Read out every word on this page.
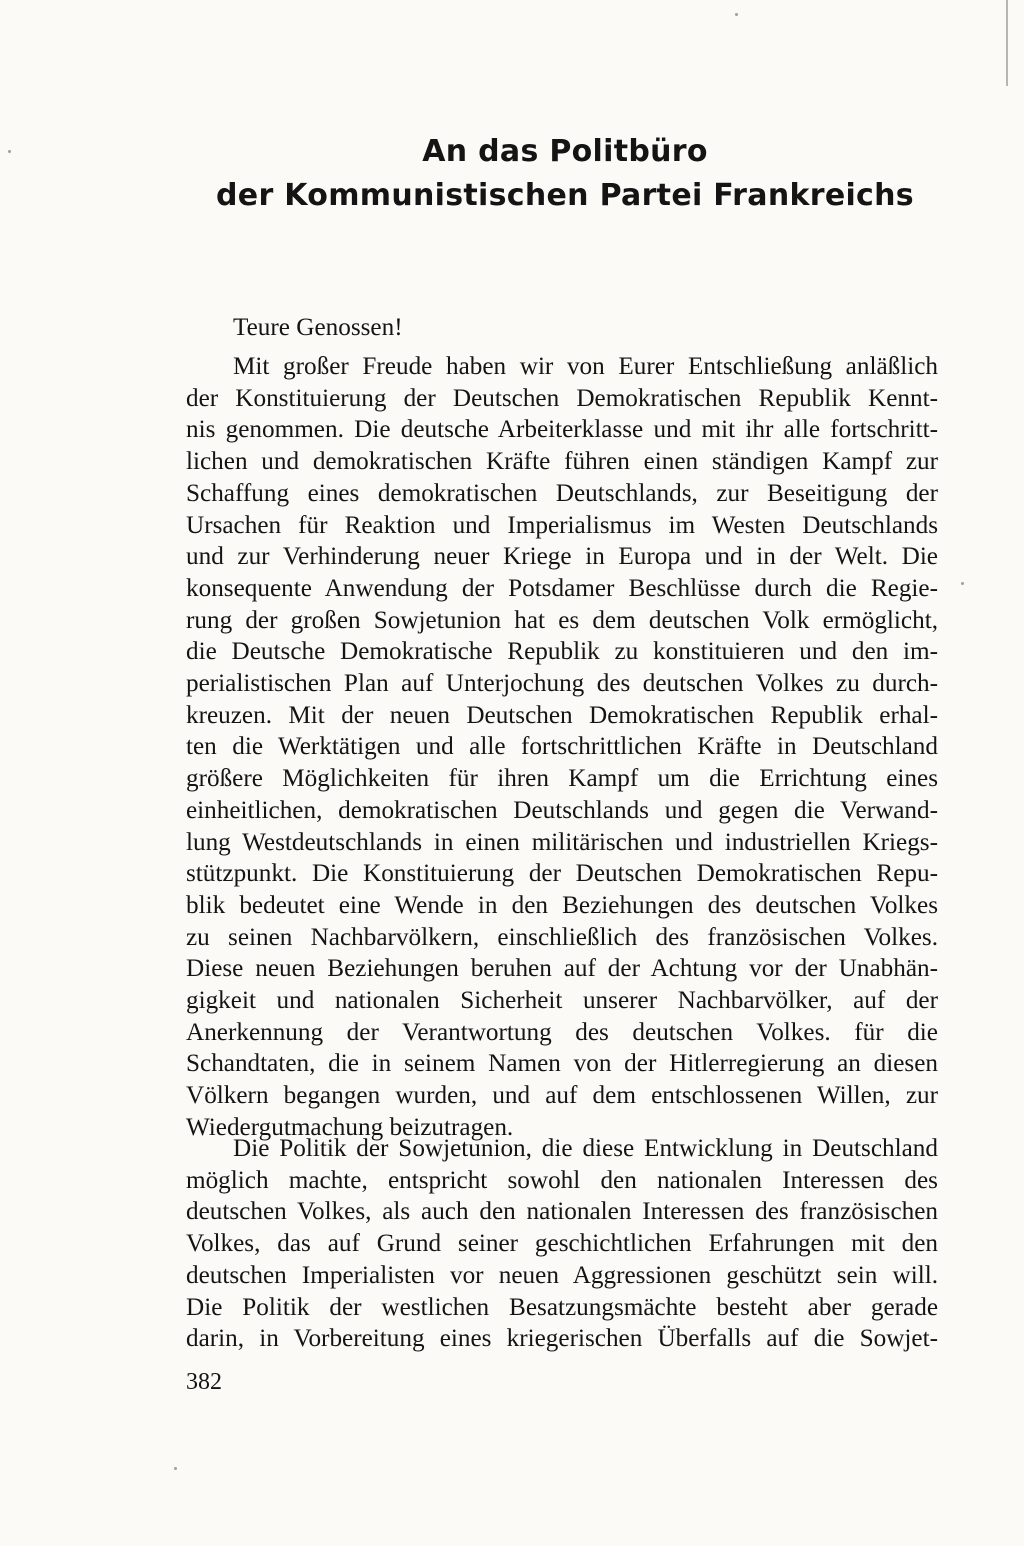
An das Politbüro
der Kommunistischen Partei Frankreichs
Teure Genossen!
Mit großer Freude haben wir von Eurer Entschließung anläßlich
der Konstituierung der Deutschen Demokratischen Republik Kennt-
nis genommen. Die deutsche Arbeiterklasse und mit ihr alle fortschritt-
lichen und demokratischen Kräfte führen einen ständigen Kampf zur
Schaffung eines demokratischen Deutschlands, zur Beseitigung der
Ursachen für Reaktion und Imperialismus im Westen Deutschlands
und zur Verhinderung neuer Kriege in Europa und in der Welt. Die
konsequente Anwendung der Potsdamer Beschlüsse durch die Regie-
rung der großen Sowjetunion hat es dem deutschen Volk ermöglicht,
die Deutsche Demokratische Republik zu konstituieren und den im-
perialistischen Plan auf Unterjochung des deutschen Volkes zu durch-
kreuzen. Mit der neuen Deutschen Demokratischen Republik erhal-
ten die Werktätigen und alle fortschrittlichen Kräfte in Deutschland
größere Möglichkeiten für ihren Kampf um die Errichtung eines
einheitlichen, demokratischen Deutschlands und gegen die Verwand-
lung Westdeutschlands in einen militärischen und industriellen Kriegs-
stützpunkt. Die Konstituierung der Deutschen Demokratischen Repu-
blik bedeutet eine Wende in den Beziehungen des deutschen Volkes
zu seinen Nachbarvölkern, einschließlich des französischen Volkes.
Diese neuen Beziehungen beruhen auf der Achtung vor der Unabhän-
gigkeit und nationalen Sicherheit unserer Nachbarvölker, auf der
Anerkennung der Verantwortung des deutschen Volkes. für die
Schandtaten, die in seinem Namen von der Hitlerregierung an diesen
Völkern begangen wurden, und auf dem entschlossenen Willen, zur
Wiedergutmachung beizutragen.
Die Politik der Sowjetunion, die diese Entwicklung in Deutschland
möglich machte, entspricht sowohl den nationalen Interessen des
deutschen Volkes, als auch den nationalen Interessen des französischen
Volkes, das auf Grund seiner geschichtlichen Erfahrungen mit den
deutschen Imperialisten vor neuen Aggressionen geschützt sein will.
Die Politik der westlichen Besatzungsmächte besteht aber gerade
darin, in Vorbereitung eines kriegerischen Überfalls auf die Sowjet-
382
